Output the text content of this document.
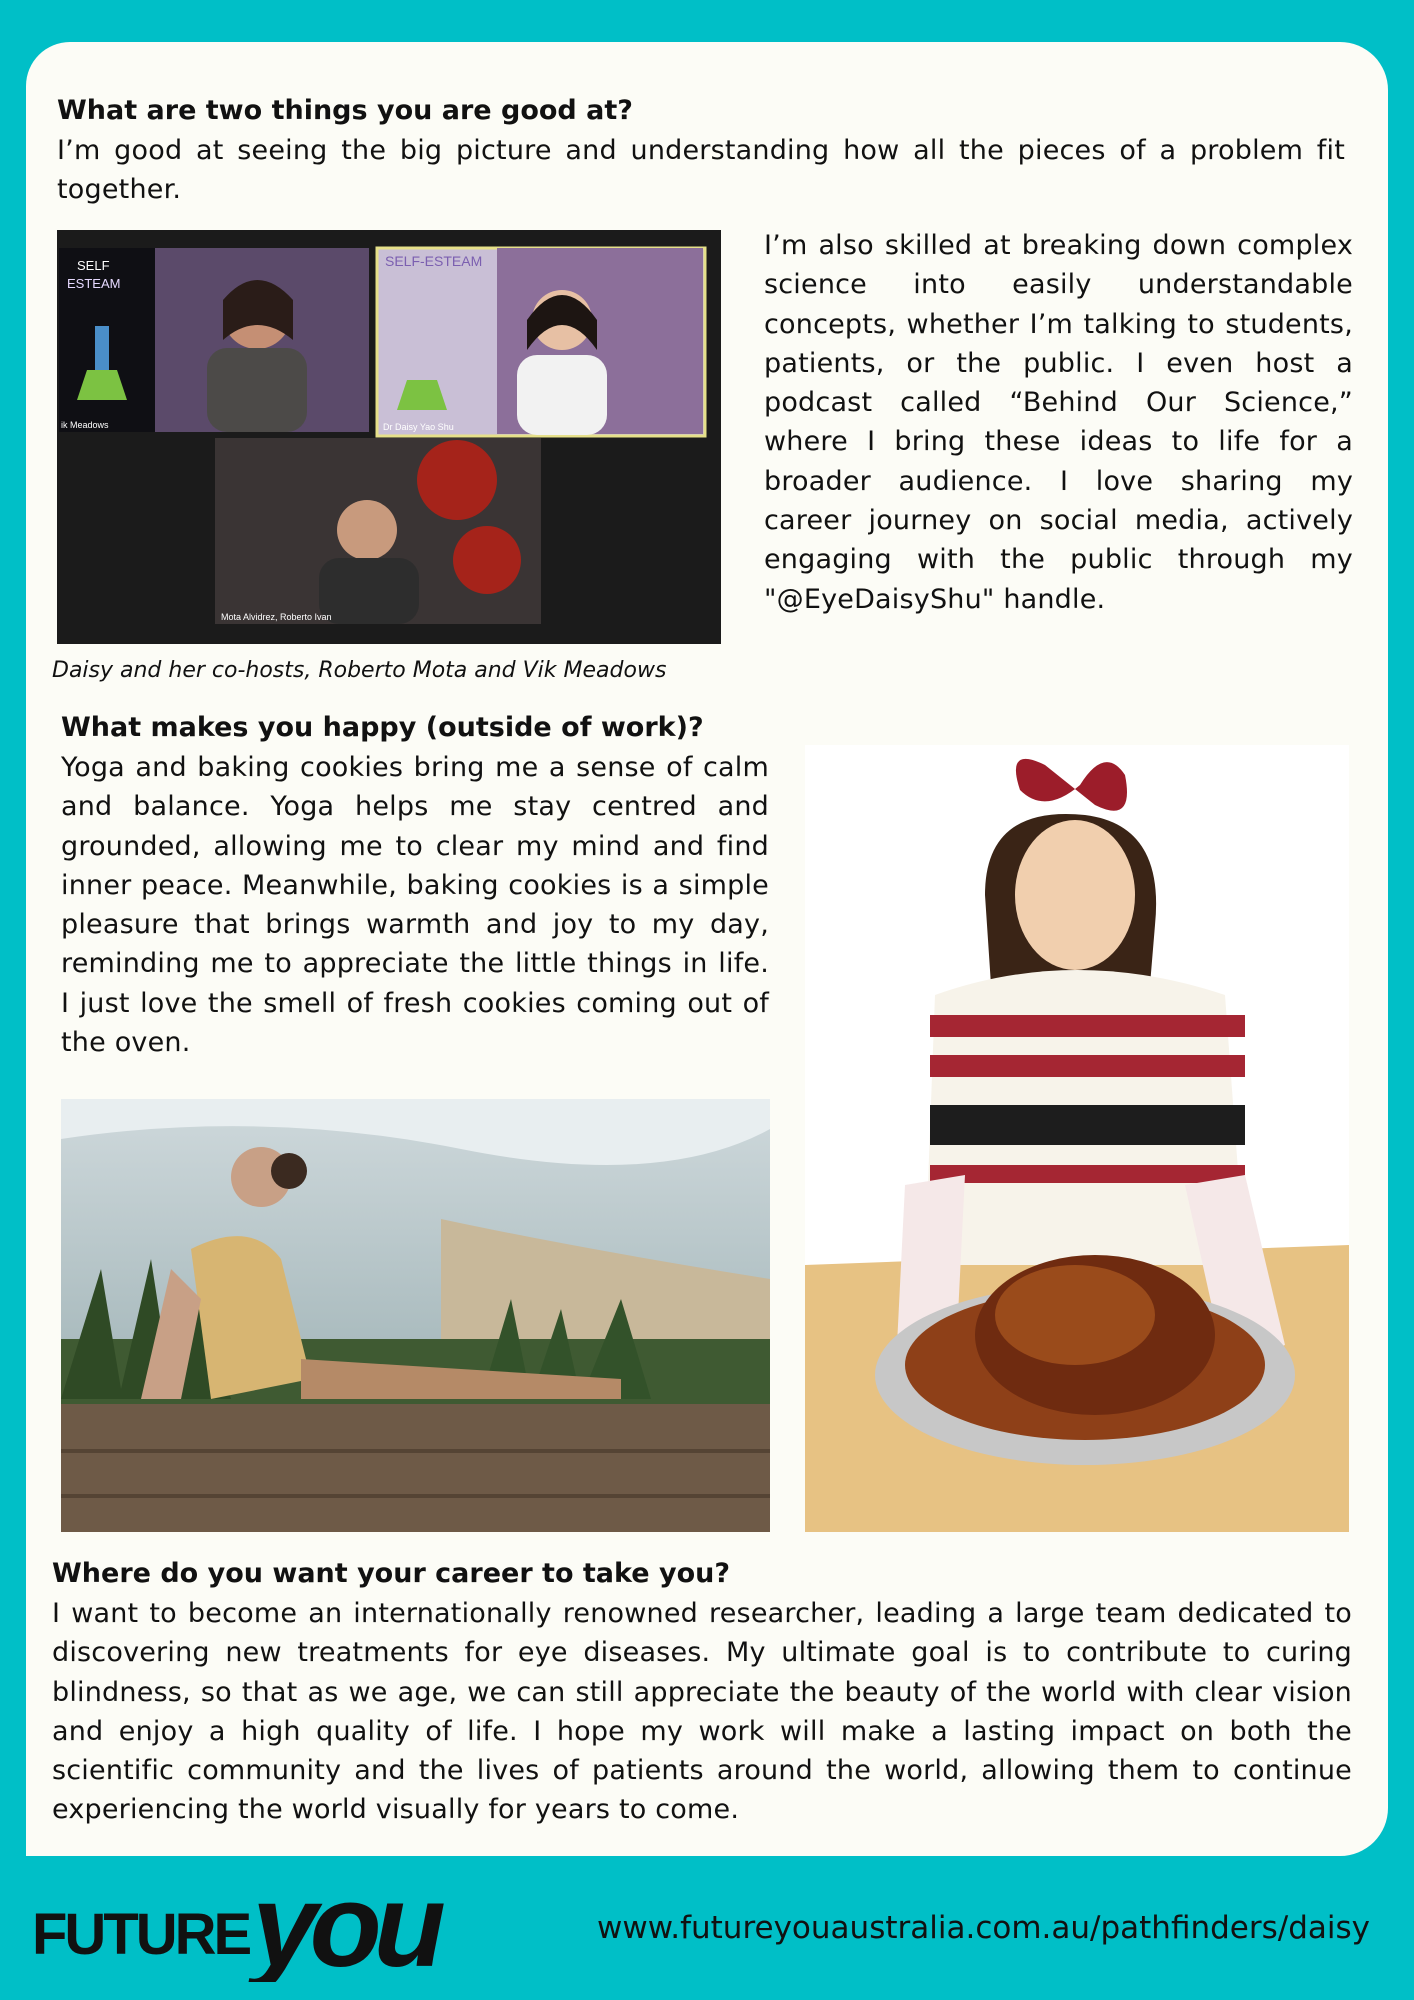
What are two things you are good at?

I’m good at seeing the big picture and understanding how all the pieces of a problem fit together.

SELF
ESTEAM
ik Meadows
SELF-ESTEAM
Dr Daisy Yao Shu
Mota Alvidrez, Roberto Ivan
Daisy and her co-hosts, Roberto Mota and Vik Meadows

I’m also skilled at breaking down complex science into easily understandable concepts, whether I’m talking to students, patients, or the public. I even host a podcast called “Behind Our Science,” where I bring these ideas to life for a broader audience. I love sharing my career journey on social media, actively engaging with the public through my "@EyeDaisyShu" handle.

What makes you happy (outside of work)?

Yoga and baking cookies bring me a sense of calm and balance. Yoga helps me stay centred and grounded, allowing me to clear my mind and find inner peace. Meanwhile, baking cookies is a simple pleasure that brings warmth and joy to my day, reminding me to appreciate the little things in life. I just love the smell of fresh cookies coming out of the oven.

Where do you want your career to take you?

I want to become an internationally renowned researcher, leading a large team dedicated to discovering new treatments for eye diseases. My ultimate goal is to contribute to curing blindness, so that as we age, we can still appreciate the beauty of the world with clear vision and enjoy a high quality of life. I hope my work will make a lasting impact on both the scientific community and the lives of patients around the world, allowing them to continue experiencing the world visually for years to come.

FUTURE you	www.futureyouaustralia.com.au/pathfinders/daisy
